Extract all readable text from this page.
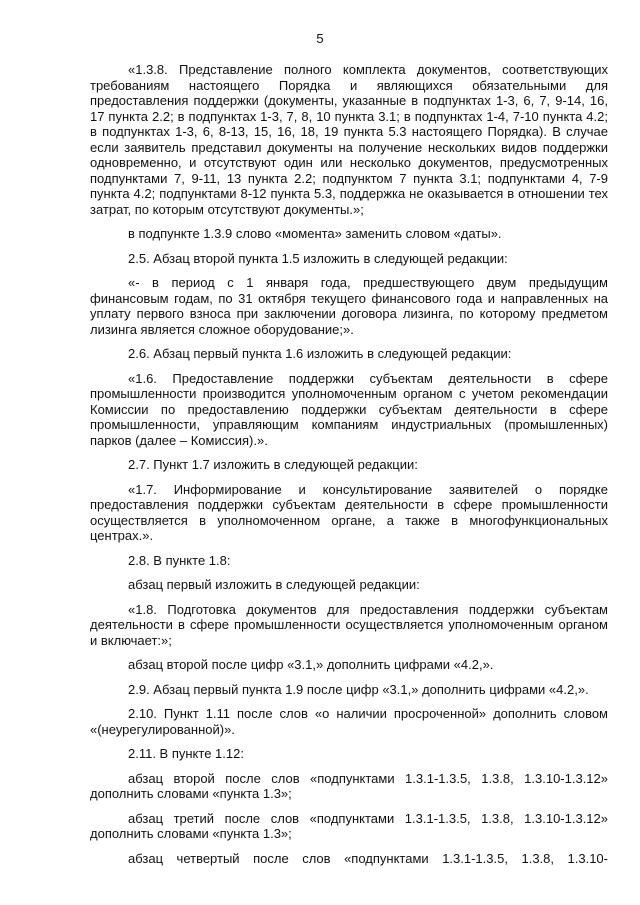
5

«1.3.8. Представление полного комплекта документов, соответствующих требованиям настоящего Порядка и являющихся обязательными для предоставления поддержки (документы, указанные в подпунктах 1-3, 6, 7, 9-14, 16, 17 пункта 2.2; в подпунктах 1-3, 7, 8, 10 пункта 3.1; в подпунктах 1-4, 7-10 пункта 4.2; в подпунктах 1-3, 6, 8-13, 15, 16, 18, 19 пункта 5.3 настоящего Порядка). В случае если заявитель представил документы на получение нескольких видов поддержки одновременно, и отсутствуют один или несколько документов, предусмотренных подпунктами 7, 9-11, 13 пункта 2.2; подпунктом 7 пункта 3.1; подпунктами 4, 7-9 пункта 4.2; подпунктами 8-12 пункта 5.3, поддержка не оказывается в отношении тех затрат, по которым отсутствуют документы.»;

в подпункте 1.3.9 слово «момента» заменить словом «даты».

2.5. Абзац второй пункта 1.5 изложить в следующей редакции:

«- в период с 1 января года, предшествующего двум предыдущим финансовым годам, по 31 октября текущего финансового года и направленных на уплату первого взноса при заключении договора лизинга, по которому предметом лизинга является сложное оборудование;».

2.6. Абзац первый пункта 1.6 изложить в следующей редакции:

«1.6. Предоставление поддержки субъектам деятельности в сфере промышленности производится уполномоченным органом с учетом рекомендации Комиссии по предоставлению поддержки субъектам деятельности в сфере промышленности, управляющим компаниям индустриальных (промышленных) парков (далее – Комиссия).».

2.7. Пункт 1.7 изложить в следующей редакции:

«1.7. Информирование и консультирование заявителей о порядке предоставления поддержки субъектам деятельности в сфере промышленности осуществляется в уполномоченном органе, а также в многофункциональных центрах.».

2.8. В пункте 1.8:

абзац первый изложить в следующей редакции:

«1.8. Подготовка документов для предоставления поддержки субъектам деятельности в сфере промышленности осуществляется уполномоченным органом и включает:»;

абзац второй после цифр «3.1,» дополнить цифрами «4.2,».

2.9. Абзац первый пункта 1.9 после цифр «3.1,» дополнить цифрами «4.2,».

2.10. Пункт 1.11 после слов «о наличии просроченной» дополнить словом «(неурегулированной)».

2.11. В пункте 1.12:

абзац второй после слов «подпунктами 1.3.1-1.3.5, 1.3.8, 1.3.10-1.3.12» дополнить словами «пункта 1.3»;

абзац третий после слов «подпунктами 1.3.1-1.3.5, 1.3.8, 1.3.10-1.3.12» дополнить словами «пункта 1.3»;

абзац четвертый после слов «подпунктами 1.3.1-1.3.5, 1.3.8, 1.3.10-
